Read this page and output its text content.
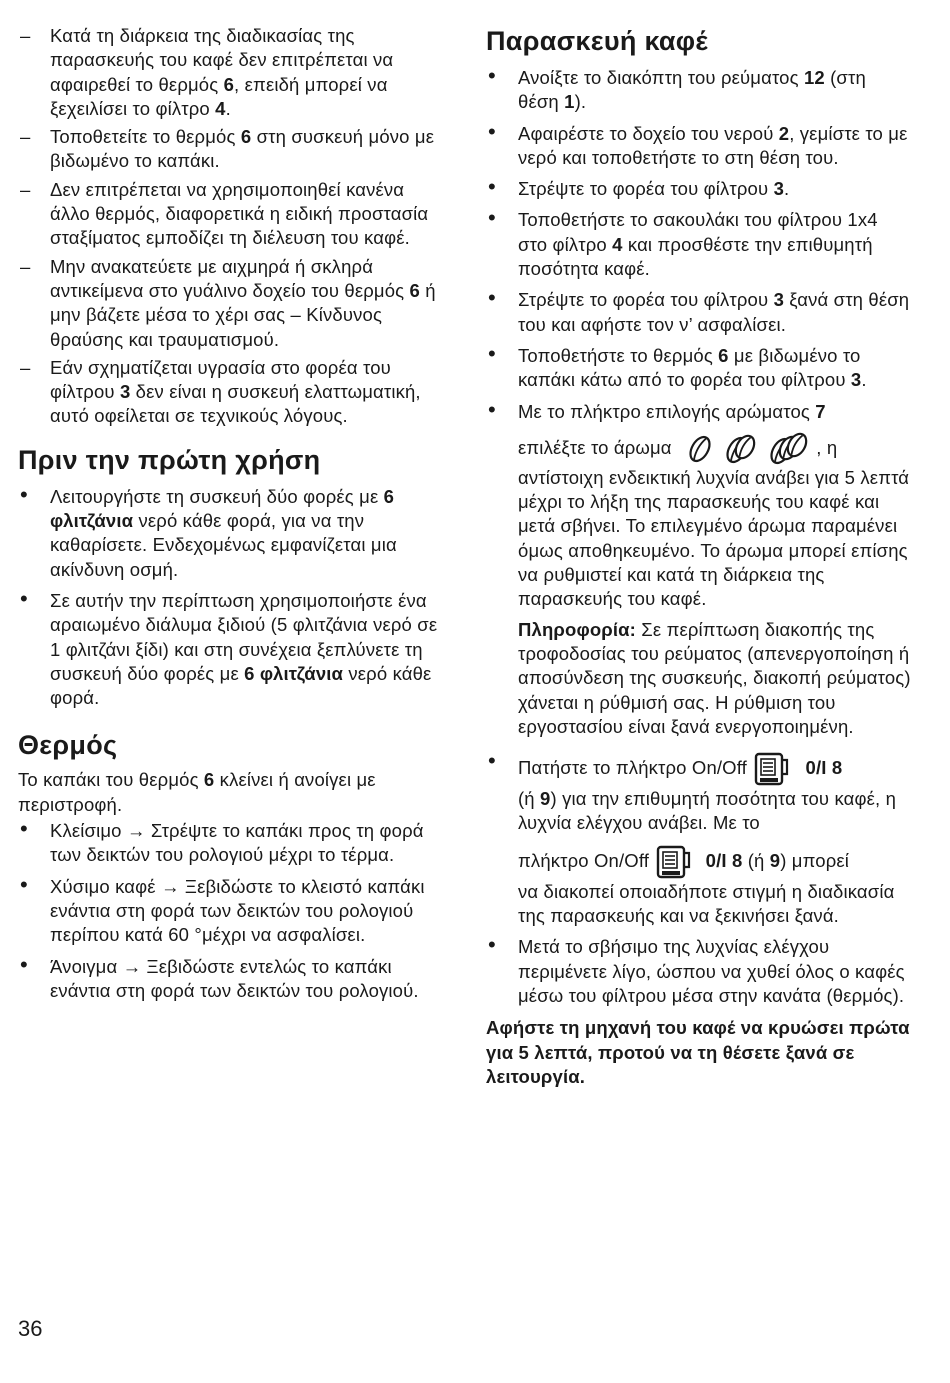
– Κατά τη διάρκεια της διαδικασίας της παρασκευής του καφέ δεν επιτρέπεται να αφαιρεθεί το θερμός 6, επειδή μπορεί να ξεχειλίσει το φίλτρο 4.
– Τοποθετείτε το θερμός 6 στη συσκευή μόνο με βιδωμένο το καπάκι.
– Δεν επιτρέπεται να χρησιμοποιηθεί κανένα άλλο θερμός, διαφορετικά η ειδική προστασία σταξίματος εμποδίζει τη διέλευση του καφέ.
– Μην ανακατεύετε με αιχμηρά ή σκληρά αντικείμενα στο γυάλινο δοχείο του θερμός 6 ή μην βάζετε μέσα το χέρι σας – Κίνδυνος θραύσης και τραυματισμού.
– Εάν σχηματίζεται υγρασία στο φορέα του φίλτρου 3 δεν είναι η συσκευή ελαττωματική, αυτό οφείλεται σε τεχνικούς λόγους.
Πριν την πρώτη χρήση
• Λειτουργήστε τη συσκευή δύο φορές με 6 φλιτζάνια νερό κάθε φορά, για να την καθαρίσετε. Ενδεχομένως εμφανίζεται μια ακίνδυνη οσμή.
• Σε αυτήν την περίπτωση χρησιμοποιήστε ένα αραιωμένο διάλυμα ξιδιού (5 φλιτζάνια νερό σε 1 φλιτζάνι ξίδι) και στη συνέχεια ξεπλύνετε τη συσκευή δύο φορές με 6 φλιτζάνια νερό κάθε φορά.
Θερμός

Το καπάκι του θερμός 6 κλείνει ή ανοίγει με περιστροφή.

• Κλείσιμο → Στρέψτε το καπάκι προς τη φορά των δεικτών του ρολογιού μέχρι το τέρμα.
• Χύσιμο καφέ → Ξεβιδώστε το κλειστό καπάκι ενάντια στη φορά των δεικτών του ρολογιού περίπου κατά 60 °μέχρι να ασφαλίσει.
• Άνοιγμα → Ξεβιδώστε εντελώς το καπάκι ενάντια στη φορά των δεικτών του ρολογιού.
Παρασκευή καφέ
• Ανοίξτε το διακόπτη του ρεύματος 12 (στη θέση 1).
• Αφαιρέστε το δοχείο του νερού 2, γεμίστε το με νερό και τοποθετήστε το στη θέση του.
• Στρέψτε το φορέα του φίλτρου 3.
• Τοποθετήστε το σακουλάκι του φίλτρου 1x4 στο φίλτρο 4 και προσθέστε την επιθυμητή ποσότητα καφέ.
• Στρέψτε το φορέα του φίλτρου 3 ξανά στη θέση του και αφήστε τον ν’ ασφαλίσει.
• Τοποθετήστε το θερμός 6 με βιδωμένο το καπάκι κάτω από το φορέα του φίλτρου 3.

• Με το πλήκτρο επιλογής αρώματος 7

επιλέξτε το άρωμα	, η

αντίστοιχη ενδεικτική λυχνία ανάβει για 5 λεπτά μέχρι το λήξη της παρασκευής του καφέ και μετά σβήνει. Το επιλεγμένο άρωμα παραμένει όμως αποθηκευμένο. Το άρωμα μπορεί επίσης να ρυθμιστεί και κατά τη διάρκεια της παρασκευής του καφέ.

Πληροφορία: Σε περίπτωση διακοπής της τροφοδοσίας του ρεύματος (απενεργοποίηση ή αποσύνδεση της συσκευής, διακοπή ρεύματος) χάνεται η ρύθμισή σας. Η ρύθμιση του εργοστασίου είναι ξανά ενεργοποιημένη.

• Πατήστε το πλήκτρο On/Off	0/I 8

(ή 9) για την επιθυμητή ποσότητα του καφέ, η λυχνία ελέγχου ανάβει. Με το

πλήκτρο On/Off	0/I 8 (ή 9) μπορεί

να διακοπεί οποιαδήποτε στιγμή η διαδικασία της παρασκευής και να ξεκινήσει ξανά.

• Μετά το σβήσιμο της λυχνίας ελέγχου περιμένετε λίγο, ώσπου να χυθεί όλος ο καφές μέσω του φίλτρου μέσα στην κανάτα (θερμός).

Αφήστε τη μηχανή του καφέ να κρυώσει πρώτα για 5 λεπτά, προτού να τη θέσετε ξανά σε λειτουργία.

36
